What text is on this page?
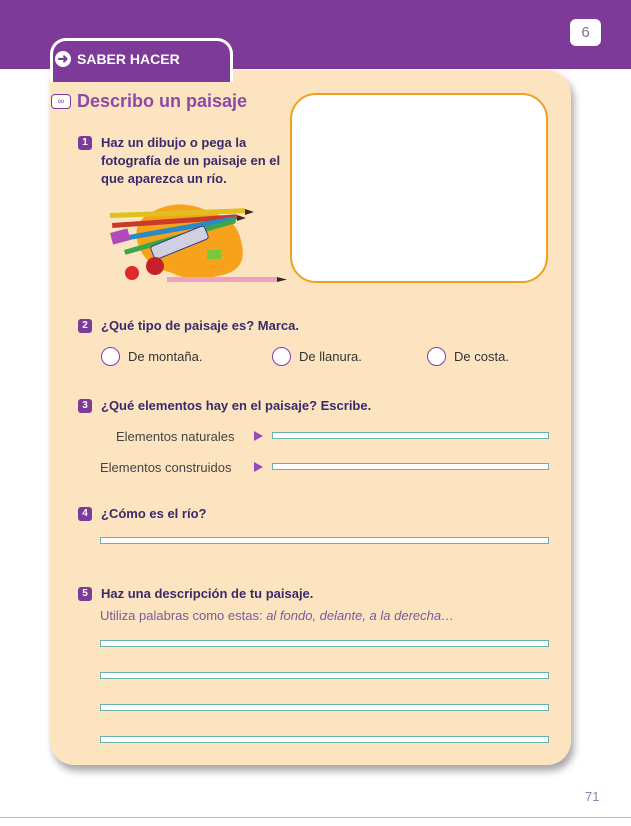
6
➜ SABER HACER
∞ Describo un paisaje
1	Haz un dibujo o pega la fotografía de un paisaje en el que aparezca un río.
2	¿Qué tipo de paisaje es? Marca.
De montaña.	De llanura.	De costa.
3	¿Qué elementos hay en el paisaje? Escribe.
Elementos naturales
Elementos construidos
4	¿Cómo es el río?
5	Haz una descripción de tu paisaje.
Utiliza palabras como estas: al fondo, delante, a la derecha…
71
